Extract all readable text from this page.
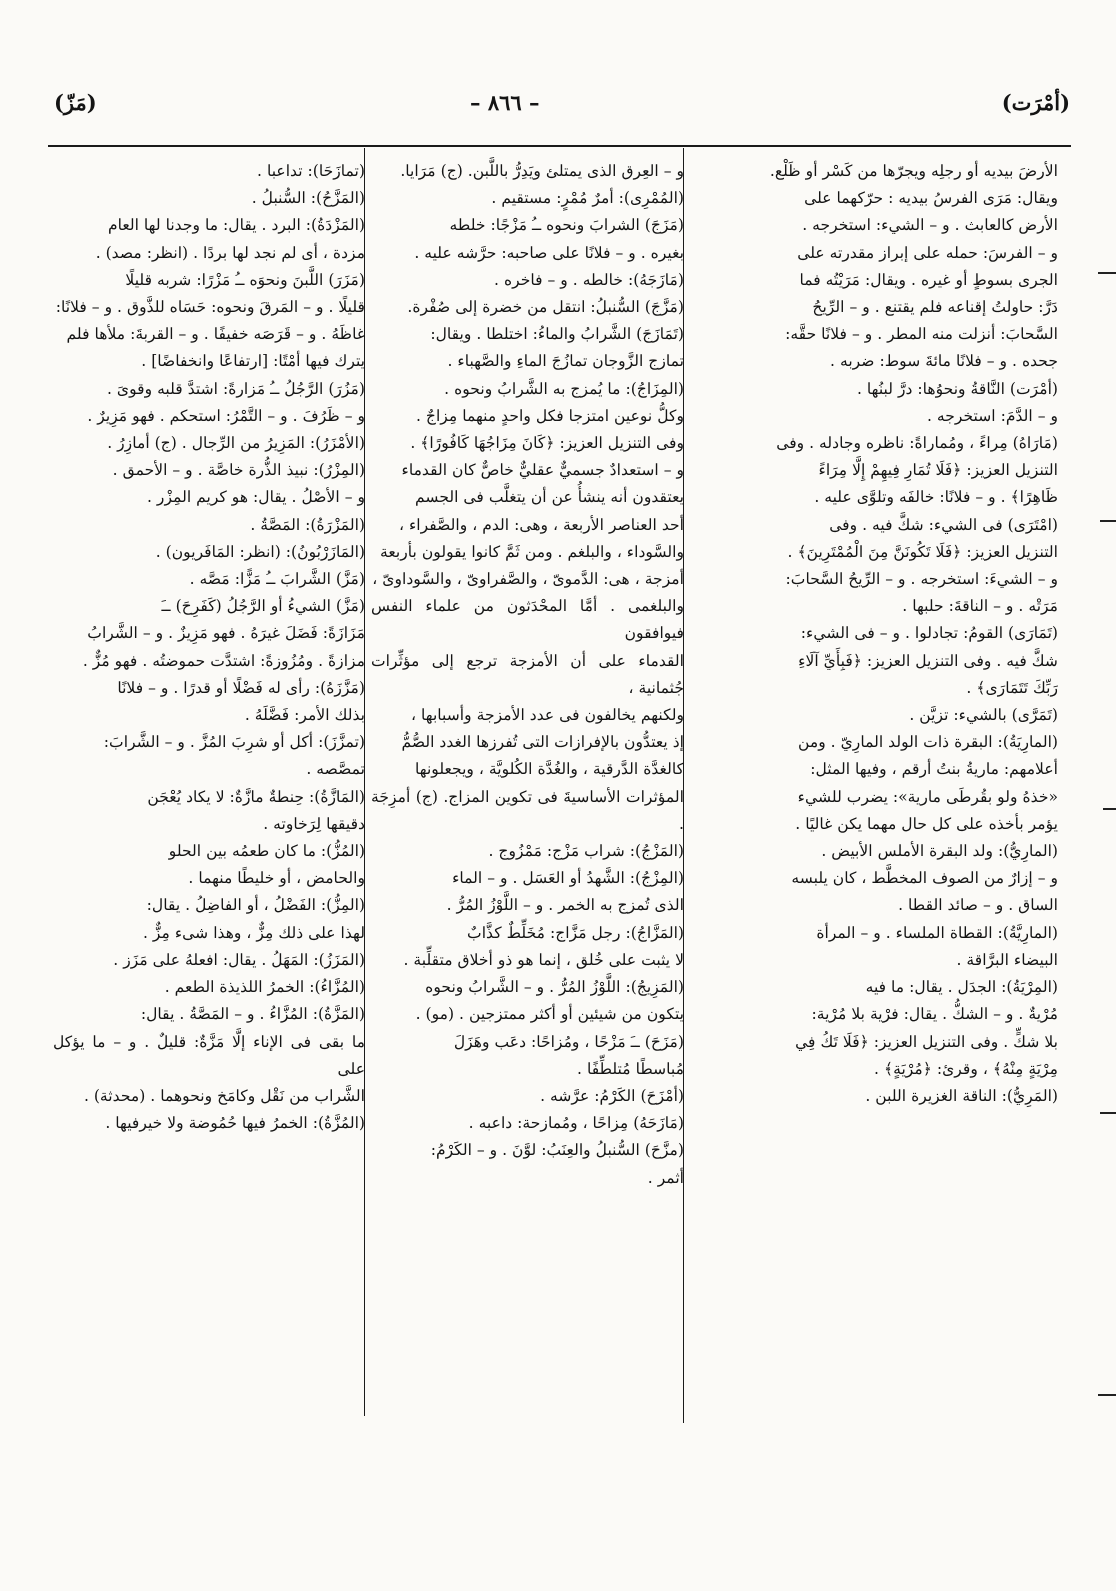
(أمْرَت)
– ٨٦٦ –
(مَزّ)

الأرضَ بيديه أو رجلِه ويجرّها من كَسْر أو ظَلْع.

ويقال: مَرَى الفرسُ بيديه : حرّكهما على

الأرض كالعابث . و – الشيء: استخرجه .

و – الفرسَ: حمله على إبراز مقدرته على

الجرى بسوطٍ أو غيره . ويقال: مَرَيْتُه فما

دَرَّ: حاولتُ إقناعه فلم يقتنع . و – الرِّيحُ

السَّحابَ: أنزلت منه المطر . و – فلانًا حقَّه:

جحده . و – فلانًا مائةَ سوط: ضربه .

(أمْرَت) النَّاقةُ ونحوُها: درَّ لبنُها .

و – الدَّمَ: استخرجه .

(مَارَاهُ) مِراءً ، ومُماراةً: ناظره وجادله . وفى

التنزيل العزيز: ﴿فَلَا تُمَارِ فِيهِمْ إِلَّا مِرَاءً

ظَاهِرًا﴾ . و – فلانًا: خالفَه وتلوَّى عليه .

(امْتَرَى) فى الشيء: شكَّ فيه . وفى

التنزيل العزيز: ﴿فَلَا تَكُونَنَّ مِنَ الْمُمْتَرِينَ﴾ .

و – الشيءَ: استخرجه . و – الرِّيحُ السَّحابَ:

مَرَتْه . و – الناقةَ: حلبها .

(تَمَارَى) القومُ: تجادلوا . و – فى الشيء:

شكَّ فيه . وفى التنزيل العزيز: ﴿فَبِأَيِّ آلَاءِ

رَبِّكَ تَتَمَارَى﴾ .

(تَمَرَّى) بالشيء: تزيَّن .

(المارِيَةُ): البقرة ذات الولد المارِيّ . ومن

أعلامهم: ماريةُ بنتُ أرقم ، وفيها المثل:

«خذهُ ولو بقُرطَى مارية»: يضرب للشيء

يؤمر بأخذه على كل حال مهما يكن غاليًا .

(المارِيُّ): ولد البقرة الأملس الأبيض .

و – إزارٌ من الصوف المخطَّط ، كان يلبسه

الساق . و – صائد القطا .

(المارِيَّةُ): القطاة الملساء . و – المرأة

البيضاء البرَّاقة .

(المِرْيَةُ): الجدَل . يقال: ما فيه

مُرْيةٌ . و – الشكُّ . يقال: فرْية بلا مُرْية:

بلا شكٍّ . وفى التنزيل العزيز: ﴿فَلَا تَكُ فِي

مِرْيَةٍ مِنْهُ﴾ ، وقرئ: ﴿مُرْيَةٍ﴾ .

(المَرِيُّ): الناقة الغزيرة اللبن .

و – العِرق الذى يمتلئ ويَدِرُّ باللَّبن. (ج) مَرَايا.

(المُمْرِى): أمرٌ مُمْرٍ: مستقيم .

(مَزَجَ) الشرابَ ونحوه ــُ مَزْجًا: خلطه

بغيره . و – فلانًا على صاحبه: حرَّشه عليه .

(مَازَجَهُ): خالطه . و – فاخره .

(مَزَّجَ) السُّنبلُ: انتقل من خضرة إلى صُفْرة.

(تَمَازَجَ) الشَّرابُ والماءُ: اختلطا . ويقال:

تمازج الزَّوجان تمازُجَ الماءِ والصَّهباء .

(المِزَاجُ): ما يُمزج به الشَّرابُ ونحوه .

وكلُّ نوعين امتزجا فكل واحدٍ منهما مِزاجٌ .

وفى التنزيل العزيز: ﴿كَانَ مِزَاجُهَا كَافُورًا﴾ .

و – استعدادٌ جسميٌّ عقليٌّ خاصٌّ كان القدماء

يعتقدون أنه ينشأُ عن أن يتغلَّب فى الجسم

أحد العناصر الأربعة ، وهى: الدم ، والصَّفراء ،

والسَّوداء ، والبلغم . ومن ثَمَّ كانوا يقولون بأربعة

أمزجة ، هى: الدَّموىّ ، والصَّفراوىّ ، والسَّوداوىّ ،

والبلغمى . أمَّا المحْدَثون من علماء النفس فيوافقون

القدماء على أن الأمزجة ترجع إلى مؤثِّرات جُثمانية ،

ولكنهم يخالفون فى عدد الأمزجة وأسبابها ،

إذ يعتدُّون بالإفرازات التى تُفرزها الغدد الصُّمُّ

كالغدَّة الدَّرقية ، والغُدَّة الكُلويَّة ، ويجعلونها

المؤثرات الأساسيةَ فى تكوين المزاج. (ج) أمزِجَة .

(المَزْجُ): شراب مَزْج: مَمْزُوج .

(المِزْجُ): الشَّهدُ أو العَسَل . و – الماء

الذى تُمزج به الخمر . و – اللَّوْزُ المُرُّ .

(المَزَّاجُ): رجل مَزَّاج: مُخَلِّطٌ كذَّابٌ

لا يثبت على خُلق ، إنما هو ذو أخلاق متقلِّبة .

(المَزِيجُ): اللَّوْزُ المُرُّ . و – الشَّرابُ ونحوه

يتكون من شيئين أو أكثر ممتزجين . (مو) .

(مَزَحَ) ــَ مَزْحًا ، ومُزاحًا: دعَب وهَزَلَ

مُباسطًا مُتلطِّفًا .

(أمْزَحَ) الكَرْمُ: عرَّشه .

(مَازَحَهُ) مِزاحًا ، ومُمازحة: داعبه .

(مزَّحَ) السُّنبلُ والعِنَبُ: لوَّنَ . و – الكَرْمُ:

أثمر .

(تمازَحَا): تداعبا .

(المَزَّحُ): السُّنبلُ .

(المَزْدَةُ): البرد . يقال: ما وجدنا لها العام

مزدة ، أى لم نجد لها بردًا . (انظر: مصد) .

(مَزَرَ) اللَّبنَ ونحوَه ــُ مَزْرًا: شربه قليلًا

قليلًا . و – المَرقَ ونحوه: حَسَاه للذَّوق . و – فلانًا:

غاظَهُ . و – قَرَصَه خفيفًا . و – القربةَ: ملأها فلم

يترك فيها أمْتًا: [ارتفاعًا وانخفاضًا] .

(مَزُرَ) الرَّجُلُ ــُ مَزارةً: اشتدَّ قلبه وقوىَ .

و – ظَرُفَ . و – التَّمْرُ: استحكم . فهو مَزِيرٌ .

(الأمْزَرُ): المَزِيرُ من الرِّجال . (ج) أمازِرُ .

(المِزْرُ): نبيذ الذُّرة خاصَّة . و – الأحمق .

و – الأصْلُ . يقال: هو كريم المِزْر .

(المَزْرَةُ): المَصَّةُ .

(المَازَرْبُونُ): (انظر: المَافَريون) .

(مَزَّ) الشَّرابَ ــُ مَزًّا: مَصَّه .

(مَزَّ) الشيءُ أو الرَّجُلُ (كَفَرِحَ) ــَ

مَزَازَةً: فَضَلَ غيرَهُ . فهو مَزِيزٌ . و – الشَّرابُ

مزازةً . ومُزُوزةً: اشتدَّت حموضتُه . فهو مُزٌّ .

(مَزَّزَهُ): رأى له فَضْلًا أو قدرًا . و – فلانًا

بذلك الأمر: فَضَّلَهُ .

(تمزَّزَ): أكل أو شرِبَ المُزَّ . و – الشَّرابَ:

تمصَّصه .

(المَازَّةُ): حِنطةٌ مازَّةٌ: لا يكاد يُعْجَن

دقيقها لِرَخاوته .

(المُزُّ): ما كان طعمُه بين الحلو

والحامض ، أو خليطًا منهما .

(المِزُّ): الفَضْلُ ، أو الفاضِلُ . يقال:

لهذا على ذلك مِزٌّ ، وهذا شىء مِزٌّ .

(المَزَزُ): المَهَلُ . يقال: افعلهُ على مَزَز .

(المُزَّاءُ): الخمرُ اللذيذة الطعم .

(المَزَّةُ): المُزَّاءُ . و – المَصَّةُ . يقال:

ما بقى فى الإناء إلَّا مَزَّةٌ: قليلٌ . و – ما يؤكل على

الشَّراب من نَقْل وكامَخ ونحوهما . (محدثة) .

(المُزَّةُ): الخمرُ فيها حُمُوضة ولا خيرفيها .
